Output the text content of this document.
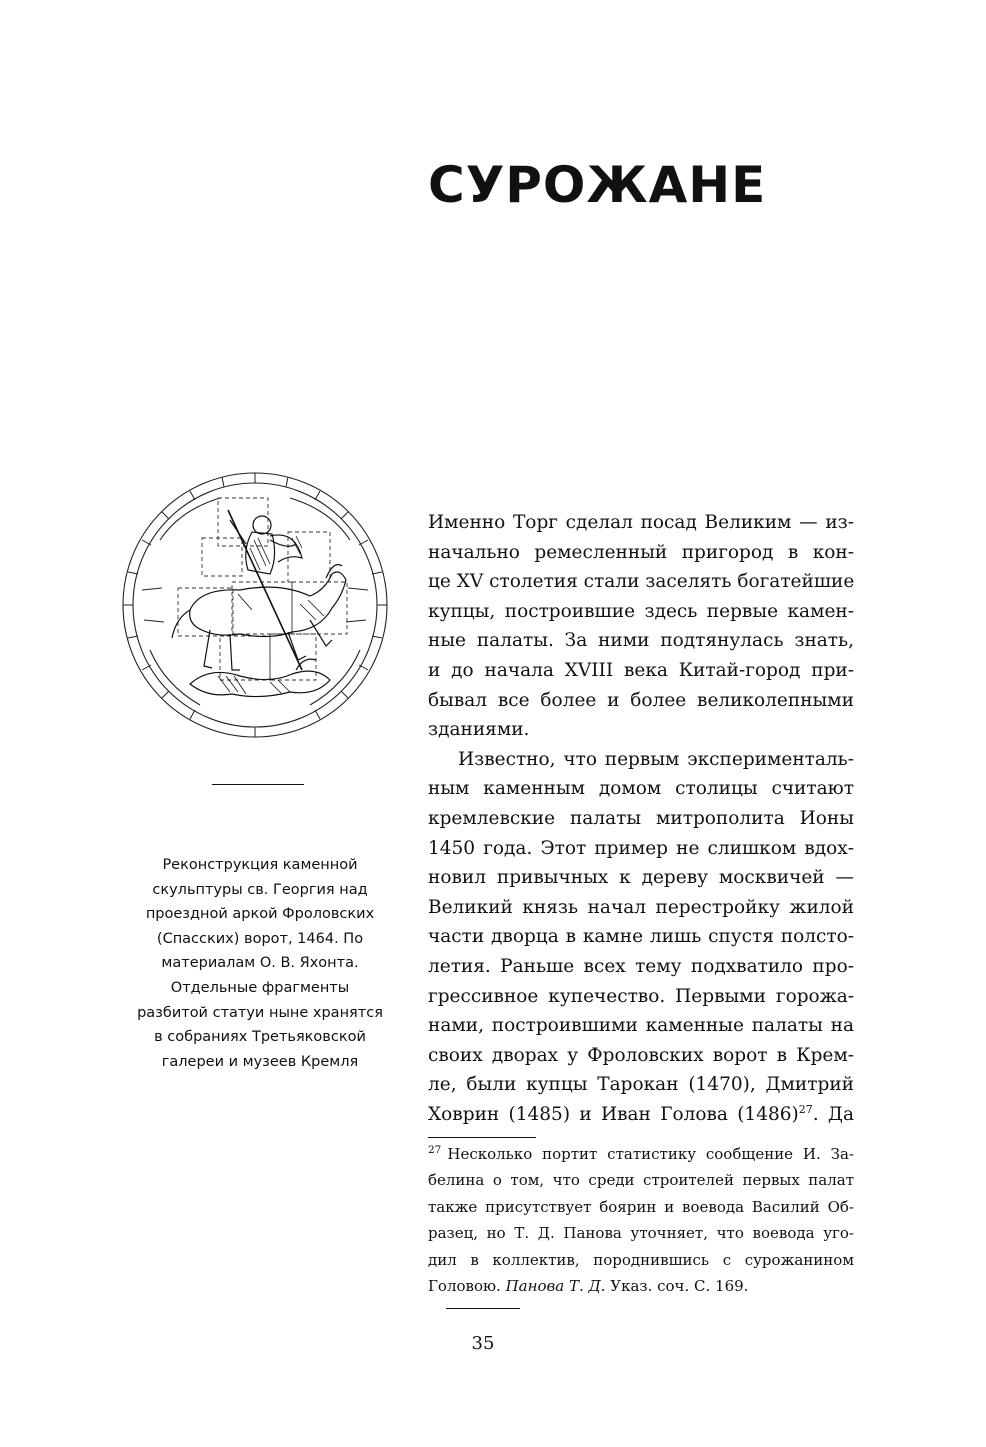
СУРОЖАНЕ
Реконструкция каменной
скульптуры св. Георгия над
проездной аркой Фроловских
(Спасских) ворот, 1464. По
материалам О. В. Яхонта.
Отдельные фрагменты
разбитой статуи ныне хранятся
в собраниях Третьяковской
галереи и музеев Кремля
Именно Торг сделал посад Великим — из-
начально ремесленный пригород в кон-
це XV столетия стали заселять богатейшие
купцы, построившие здесь первые камен-
ные палаты. За ними подтянулась знать,
и до начала XVIII века Китай-город при-
бывал все более и более великолепными
зданиями.
Известно, что первым эксперименталь-
ным каменным домом столицы считают
кремлевские палаты митрополита Ионы
1450 года. Этот пример не слишком вдох-
новил привычных к дереву москвичей —
Великий князь начал перестройку жилой
части дворца в камне лишь спустя полсто-
летия. Раньше всех тему подхватило про-
грессивное купечество. Первыми горожа-
нами, построившими каменные палаты на
своих дворах у Фроловских ворот в Крем-
ле, были купцы Тарокан (1470), Дмитрий
Ховрин (1485) и Иван Голова (1486)$^{27}$. Да
$^{27}$ Несколько портит статистику сообщение И. За-
белина о том, что среди строителей первых палат
также присутствует боярин и воевода Василий Об-
разец, но Т. Д. Панова уточняет, что воевода уго-
дил в коллектив, породнившись с сурожанином
Головою. Панова Т. Д. Указ. соч. С. 169.
35
